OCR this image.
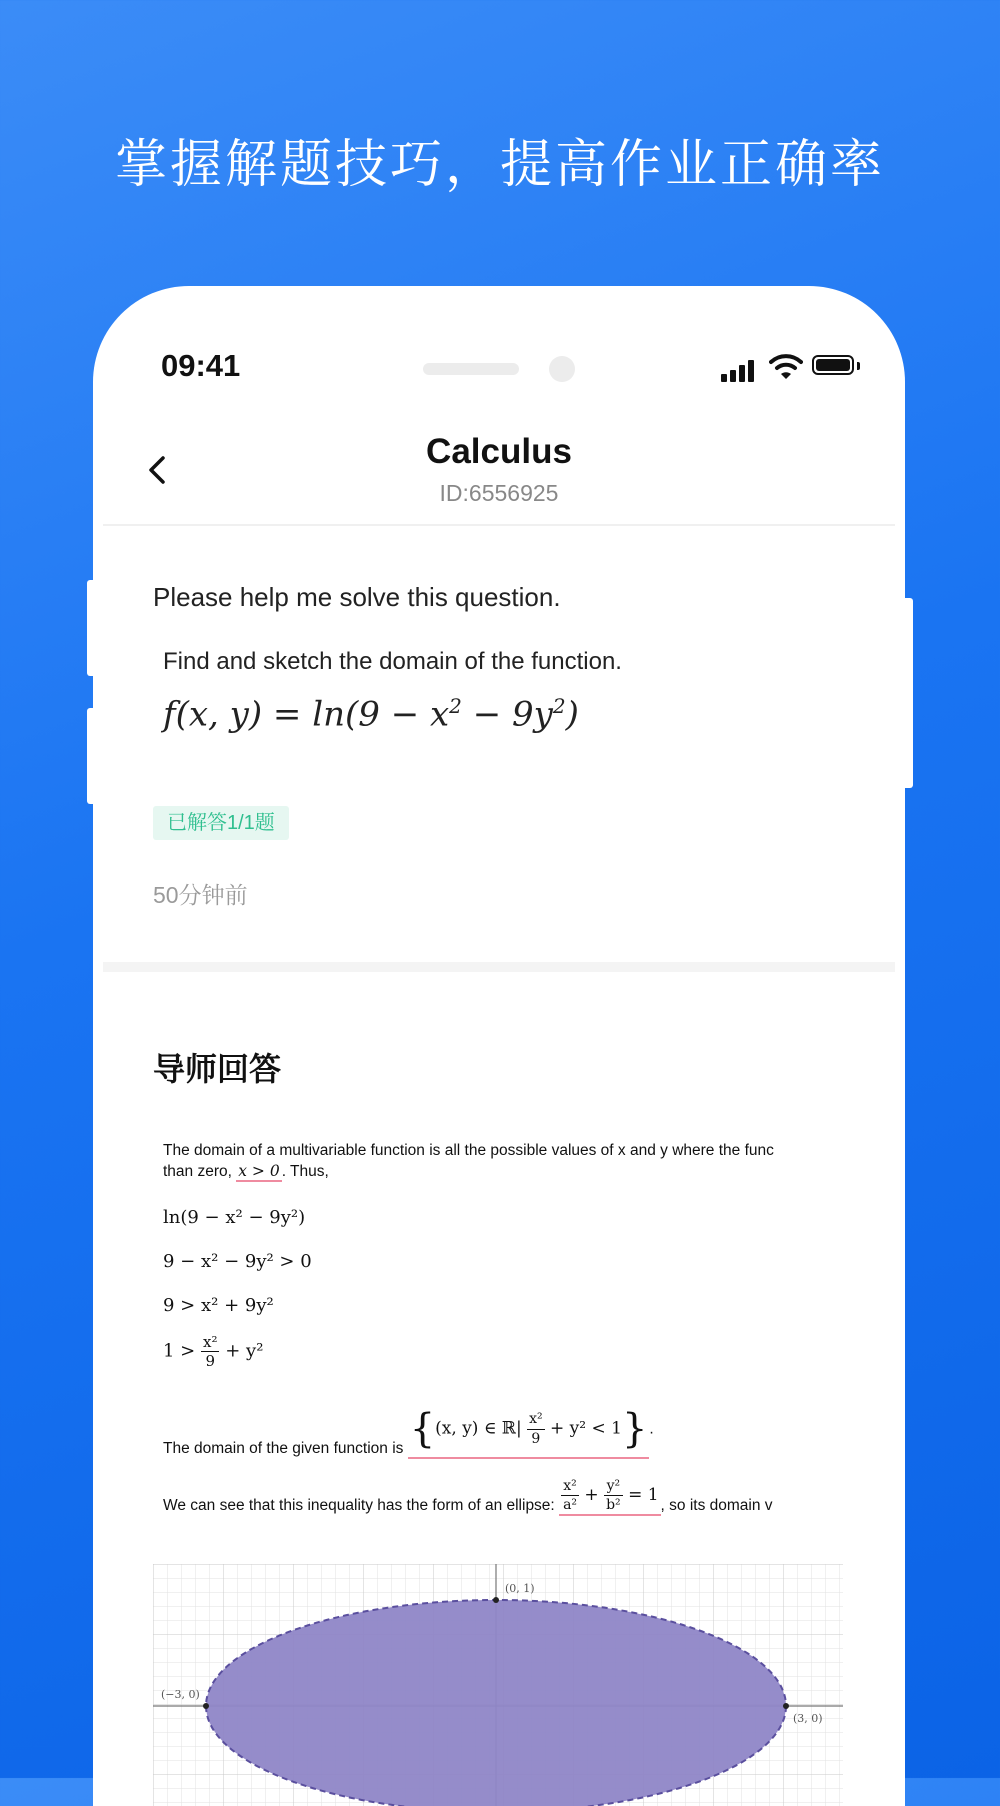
掌握解题技巧，提高作业正确率
09:41
Calculus
ID:6556925
Please help me solve this question.
Find and sketch the domain of the function.
f(x, $y) = \ln(9 - x^2 - 9y^2)$
已解答1/1题
50分钟前
导师回答
The domain of a multivariable function is all the possible values of x and y where the func
than zero, x > 0 . Thus,
ln(9 − x² − 9y²)
9 − x² − 9y² > 0
9 > x² + 9y²
$1 > \frac{\text{x²}}{9} + y^2$
The domain of the given function is {(x, y) ∈ ℝ| $\frac{\text{x²}}{9} + y^2 < 1$} .
We can see that this inequality has the form of an ellipse: $\frac{\text{x²}}{\text{a²}} + \frac{\text{y²}}{\text{b²}} = 1$, so its domain v
(0, 1)
(−3, 0)
(3, 0)
